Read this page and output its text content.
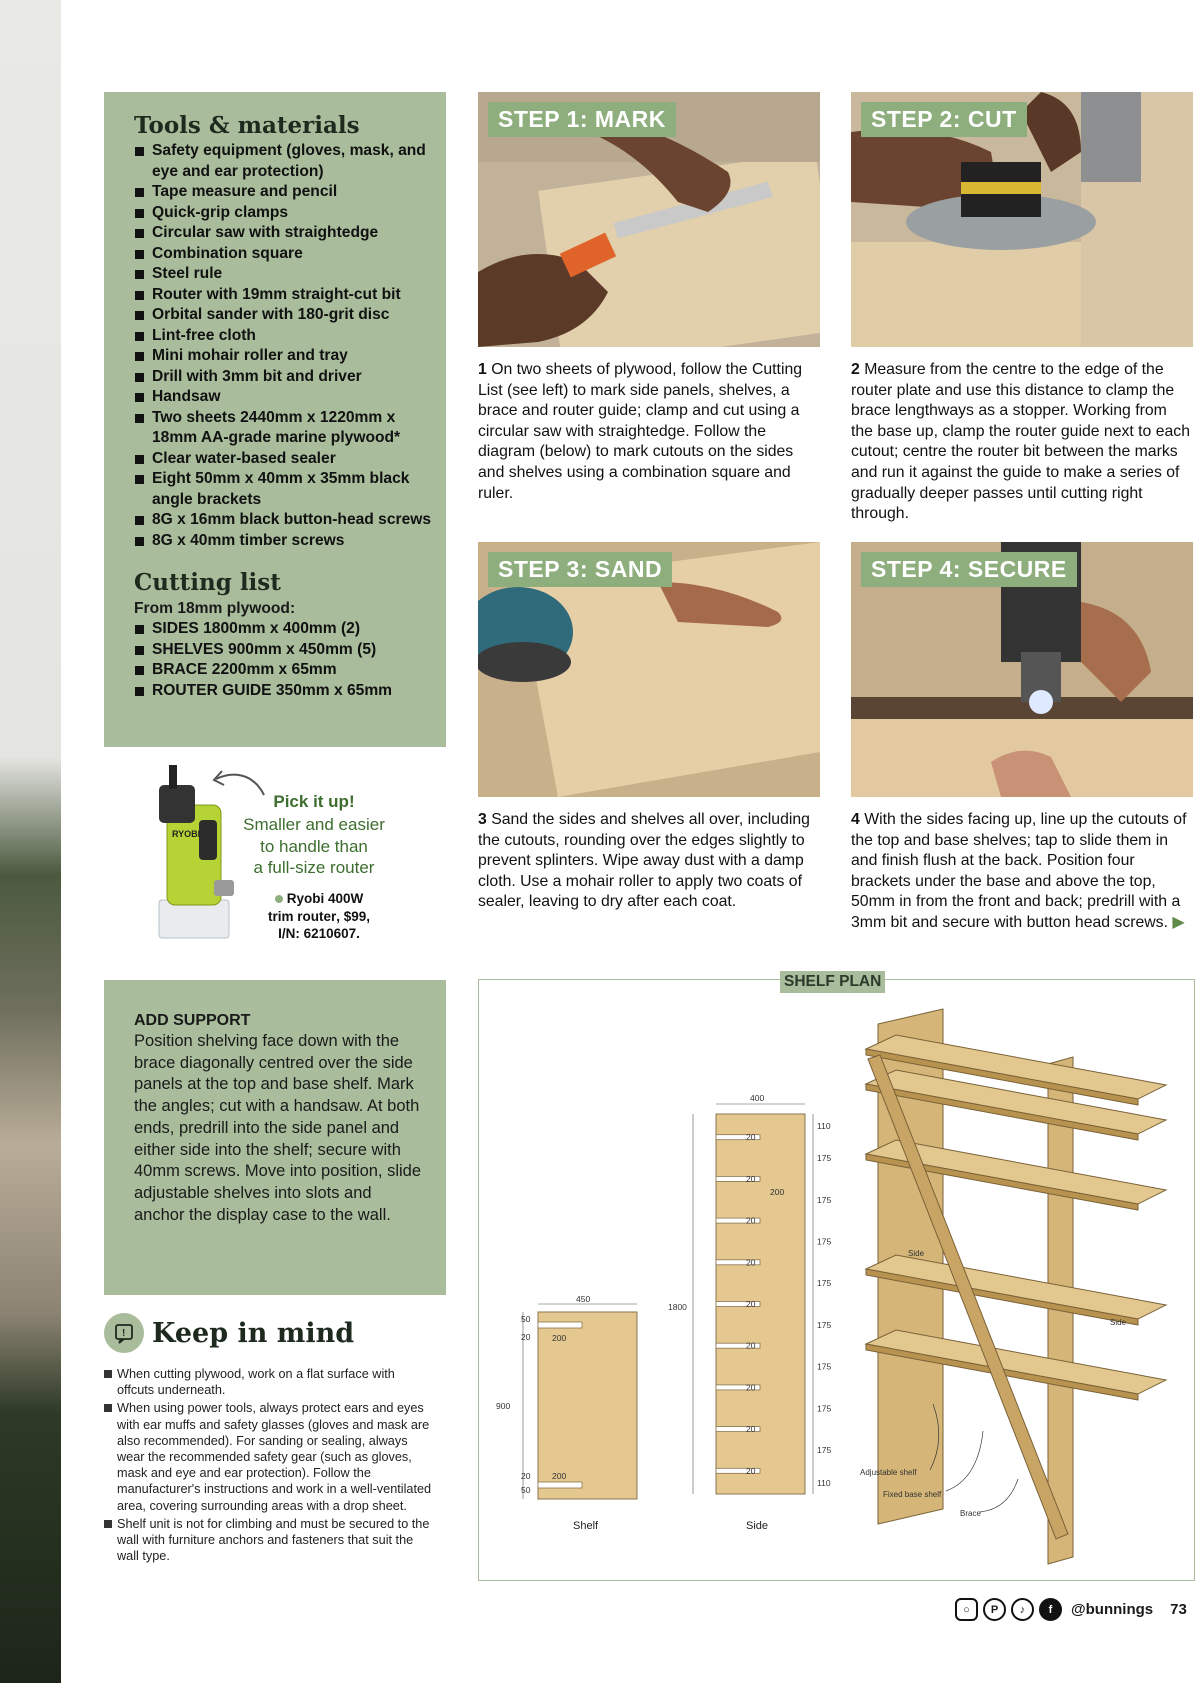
Tools & materials
Safety equipment (gloves, mask, and eye and ear protection)
Tape measure and pencil
Quick-grip clamps
Circular saw with straightedge
Combination square
Steel rule
Router with 19mm straight-cut bit
Orbital sander with 180-grit disc
Lint-free cloth
Mini mohair roller and tray
Drill with 3mm bit and driver
Handsaw
Two sheets 2440mm x 1220mm x 18mm AA-grade marine plywood*
Clear water-based sealer
Eight 50mm x 40mm x 35mm black angle brackets
8G x 16mm black button-head screws
8G x 40mm timber screws
Cutting list
From 18mm plywood:
SIDES 1800mm x 400mm (2)
SHELVES 900mm x 450mm (5)
BRACE 2200mm x 65mm
ROUTER GUIDE 350mm x 65mm
RYOBI
Pick it up!
Smaller and easier
to handle than
a full-size router
Ryobi 400W
trim router, $99,
I/N: 6210607.
STEP 1: MARK	STEP 2: CUT
STEP 3: SAND	STEP 4: SECURE
1 On two sheets of plywood, follow the Cutting List (see left) to mark side panels, shelves, a brace and router guide; clamp and cut using a circular saw with straightedge. Follow the diagram (below) to mark cutouts on the sides and shelves using a combination square and ruler.
2 Measure from the centre to the edge of the router plate and use this distance to clamp the brace lengthways as a stopper. Working from the base up, clamp the router guide next to each cutout; centre the router bit between the marks and run it against the guide to make a series of gradually deeper passes until cutting right through.
3 Sand the sides and shelves all over, including the cutouts, rounding over the edges slightly to prevent splinters. Wipe away dust with a damp cloth. Use a mohair roller to apply two coats of sealer, leaving to dry after each coat.
4 With the sides facing up, line up the cutouts of the top and base shelves; tap to slide them in and finish flush at the back. Position four brackets under the base and above the top, 50mm in from the front and back; predrill with a 3mm bit and secure with button head screws. ▶
ADD SUPPORT
Position shelving face down with the brace diagonally centred over the side panels at the top and base shelf. Mark the angles; cut with a handsaw. At both ends, predrill into the side panel and either side into the shelf; secure with 40mm screws. Move into position, slide adjustable shelves into slots and anchor the display case to the wall.
! Keep in mind
When cutting plywood, work on a flat surface with offcuts underneath.
When using power tools, always protect ears and eyes with ear muffs and safety glasses (gloves and mask are also recommended). For sanding or sealing, always wear the recommended safety gear (such as gloves, mask and eye and ear protection). Follow the manufacturer's instructions and work in a well-ventilated area, covering surrounding areas with a drop sheet.
Shelf unit is not for climbing and must be secured to the wall with furniture anchors and fasteners that suit the wall type.
SHELF PLAN
450
900
50
20	200
50
20	200
Shelf
400
1800
Side
20
20
20
20
20
20
20
20
20
200
110
175
175
175
175
175
175
175
175
110
Side
Side
Adjustable shelf
Fixed base shelf
Brace
○	P	♪	f	@bunnings 73
